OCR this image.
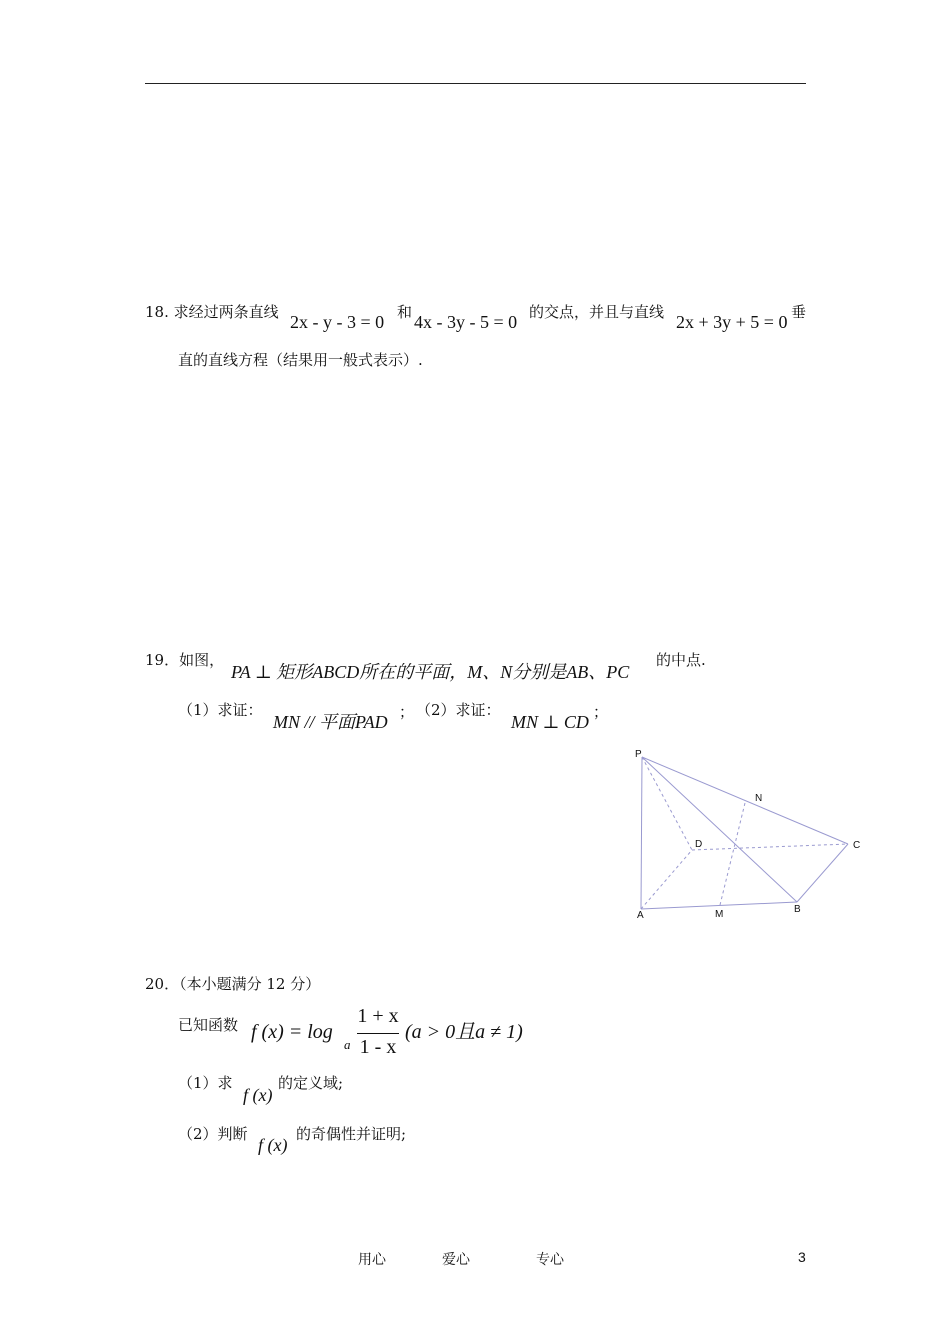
18. 求经过两条直线 2x - y - 3 = 0 和 4x - 3y - 5 = 0 的交点，并且与直线 2x + 3y + 5 = 0 垂
直的直线方程（结果用一般式表示）.
19．如图，
PA ⊥ 矩形ABCD所在的平面，M、N分别是AB、PC
的中点.
（1）求证：
MN // 平面PAD ； （2）求证：
MN ⊥ CD ；
P
N
D	C
A	M	B
20．（本小题满分 12 分）
已知函数 f (x) = log
a
1 + x
1 - x
(a > 0且a ≠ 1)
（1）求
f (x)
的定义域;
（2）判断
f (x)
的奇偶性并证明;
用心	爱心	专心	3
